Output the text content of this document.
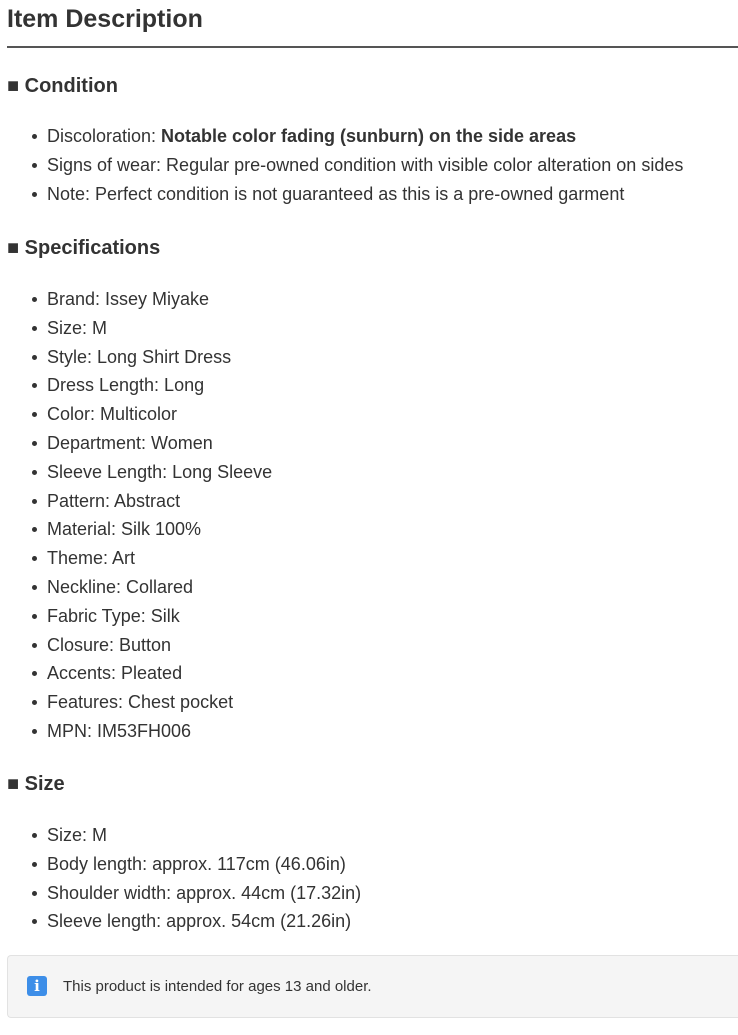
Item Description
■ Condition
Discoloration: Notable color fading (sunburn) on the side areas
Signs of wear: Regular pre-owned condition with visible color alteration on sides
Note: Perfect condition is not guaranteed as this is a pre-owned garment
■ Specifications
Brand: Issey Miyake
Size: M
Style: Long Shirt Dress
Dress Length: Long
Color: Multicolor
Department: Women
Sleeve Length: Long Sleeve
Pattern: Abstract
Material: Silk 100%
Theme: Art
Neckline: Collared
Fabric Type: Silk
Closure: Button
Accents: Pleated
Features: Chest pocket
MPN: IM53FH006
■ Size
Size: M
Body length: approx. 117cm (46.06in)
Shoulder width: approx. 44cm (17.32in)
Sleeve length: approx. 54cm (21.26in)
i	This product is intended for ages 13 and older.
